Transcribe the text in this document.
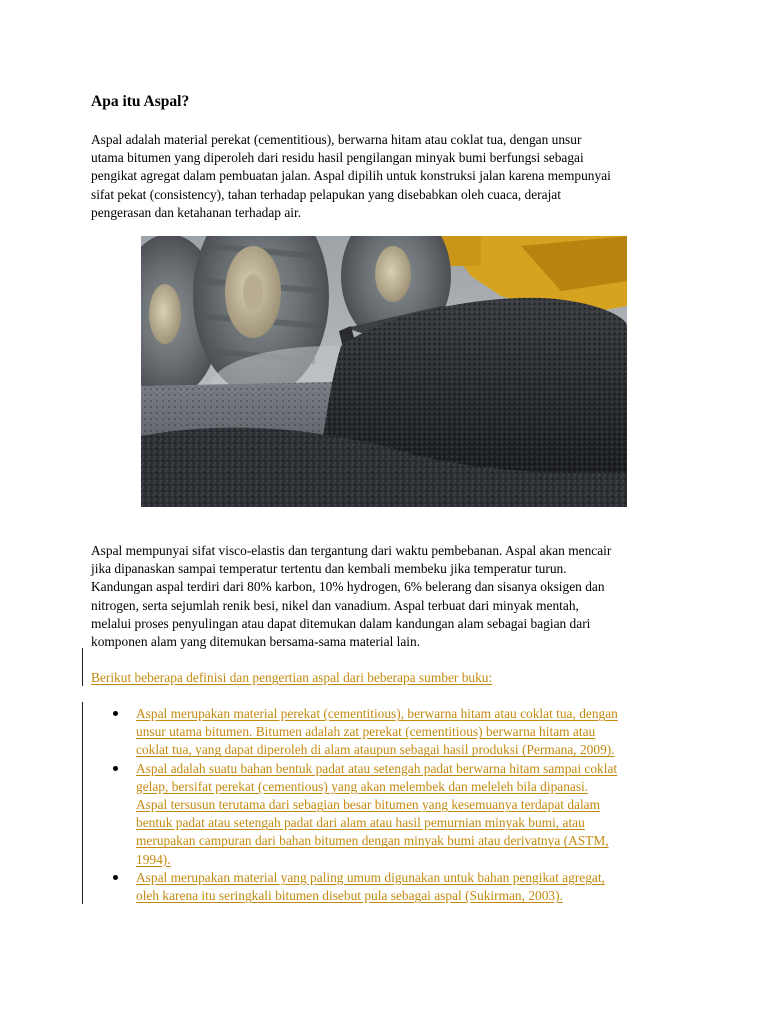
Apa itu Aspal?

Aspal adalah material perekat (cementitious), berwarna hitam atau coklat tua, dengan unsur
utama bitumen yang diperoleh dari residu hasil pengilangan minyak bumi berfungsi sebagai
pengikat agregat dalam pembuatan jalan. Aspal dipilih untuk konstruksi jalan karena mempunyai
sifat pekat (consistency), tahan terhadap pelapukan yang disebabkan oleh cuaca, derajat
pengerasan dan ketahanan terhadap air.

Aspal mempunyai sifat visco-elastis dan tergantung dari waktu pembebanan. Aspal akan mencair
jika dipanaskan sampai temperatur tertentu dan kembali membeku jika temperatur turun.
Kandungan aspal terdiri dari 80% karbon, 10% hydrogen, 6% belerang dan sisanya oksigen dan
nitrogen, serta sejumlah renik besi, nikel dan vanadium. Aspal terbuat dari minyak mentah,
melalui proses penyulingan atau dapat ditemukan dalam kandungan alam sebagai bagian dari
komponen alam yang ditemukan bersama-sama material lain.

Berikut beberapa definisi dan pengertian aspal dari beberapa sumber buku:

Aspal merupakan material perekat (cementitious), berwarna hitam atau coklat tua, dengan
unsur utama bitumen. Bitumen adalah zat perekat (cementitious) berwarna hitam atau
coklat tua, yang dapat diperoleh di alam ataupun sebagai hasil produksi (Permana, 2009).
Aspal adalah suatu bahan bentuk padat atau setengah padat berwarna hitam sampai coklat
gelap, bersifat perekat (cementious) yang akan melembek dan meleleh bila dipanasi.
Aspal tersusun terutama dari sebagian besar bitumen yang kesemuanya terdapat dalam
bentuk padat atau setengah padat dari alam atau hasil pemurnian minyak bumi, atau
merupakan campuran dari bahan bitumen dengan minyak bumi atau derivatnya (ASTM,
1994).
Aspal merupakan material yang paling umum digunakan untuk bahan pengikat agregat,
oleh karena itu seringkali bitumen disebut pula sebagai aspal (Sukirman, 2003).
